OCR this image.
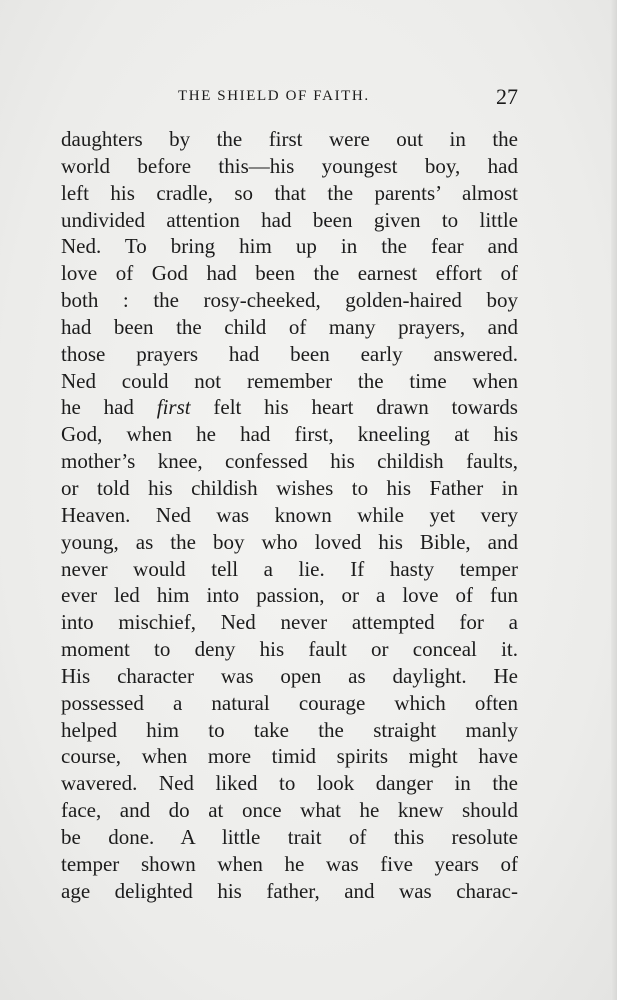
THE SHIELD OF FAITH.	27
daughters by the first were out in the
world before this—his youngest boy, had
left his cradle, so that the parents’ almost
undivided attention had been given to little
Ned. To bring him up in the fear and
love of God had been the earnest effort of
both : the rosy-cheeked, golden-haired boy
had been the child of many prayers, and
those prayers had been early answered.
Ned could not remember the time when
he had first felt his heart drawn towards
God, when he had first, kneeling at his
mother’s knee, confessed his childish faults,
or told his childish wishes to his Father in
Heaven. Ned was known while yet very
young, as the boy who loved his Bible, and
never would tell a lie. If hasty temper
ever led him into passion, or a love of fun
into mischief, Ned never attempted for a
moment to deny his fault or conceal it.
His character was open as daylight. He
possessed a natural courage which often
helped him to take the straight manly
course, when more timid spirits might have
wavered. Ned liked to look danger in the
face, and do at once what he knew should
be done. A little trait of this resolute
temper shown when he was five years of
age delighted his father, and was charac-
